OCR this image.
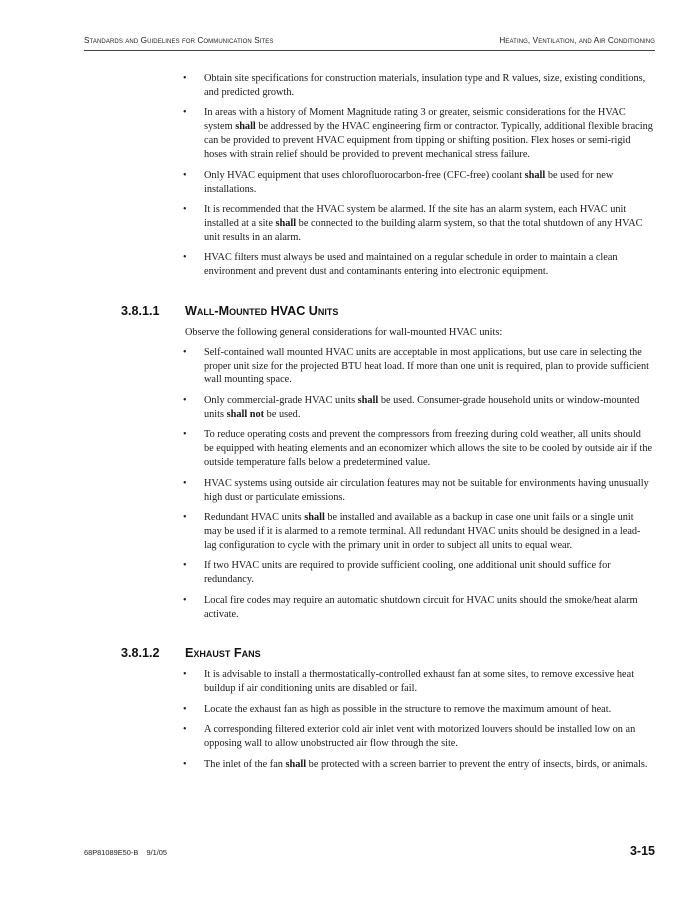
Standards and Guidelines for Communication Sites	Heating, Ventilation, and Air Conditioning
• Obtain site specifications for construction materials, insulation type and R values, size, existing conditions, and predicted growth.
• In areas with a history of Moment Magnitude rating 3 or greater, seismic considerations for the HVAC system shall be addressed by the HVAC engineering firm or contractor. Typically, additional flexible bracing can be provided to prevent HVAC equipment from tipping or shifting position. Flex hoses or semi-rigid hoses with strain relief should be provided to prevent mechanical stress failure.
• Only HVAC equipment that uses chlorofluorocarbon-free (CFC-free) coolant shall be used for new installations.
• It is recommended that the HVAC system be alarmed. If the site has an alarm system, each HVAC unit installed at a site shall be connected to the building alarm system, so that the total shutdown of any HVAC unit results in an alarm.
• HVAC filters must always be used and maintained on a regular schedule in order to maintain a clean environment and prevent dust and contaminants entering into electronic equipment.
3.8.1.1 Wall-Mounted HVAC Units

Observe the following general considerations for wall-mounted HVAC units:

• Self-contained wall mounted HVAC units are acceptable in most applications, but use care in selecting the proper unit size for the projected BTU heat load. If more than one unit is required, plan to provide sufficient wall mounting space.
• Only commercial-grade HVAC units shall be used. Consumer-grade household units or window-mounted units shall not be used.
• To reduce operating costs and prevent the compressors from freezing during cold weather, all units should be equipped with heating elements and an economizer which allows the site to be cooled by outside air if the outside temperature falls below a predetermined value.
• HVAC systems using outside air circulation features may not be suitable for environments having unusually high dust or particulate emissions.
• Redundant HVAC units shall be installed and available as a backup in case one unit fails or a single unit may be used if it is alarmed to a remote terminal. All redundant HVAC units should be designed in a lead-lag configuration to cycle with the primary unit in order to subject all units to equal wear.
• If two HVAC units are required to provide sufficient cooling, one additional unit should suffice for redundancy.
• Local fire codes may require an automatic shutdown circuit for HVAC units should the smoke/heat alarm activate.
3.8.1.2 Exhaust Fans
• It is advisable to install a thermostatically-controlled exhaust fan at some sites, to remove excessive heat buildup if air conditioning units are disabled or fail.
• Locate the exhaust fan as high as possible in the structure to remove the maximum amount of heat.
• A corresponding filtered exterior cold air inlet vent with motorized louvers should be installed low on an opposing wall to allow unobstructed air flow through the site.
• The inlet of the fan shall be protected with a screen barrier to prevent the entry of insects, birds, or animals.
68P81089E50-B 9/1/05	3-15
